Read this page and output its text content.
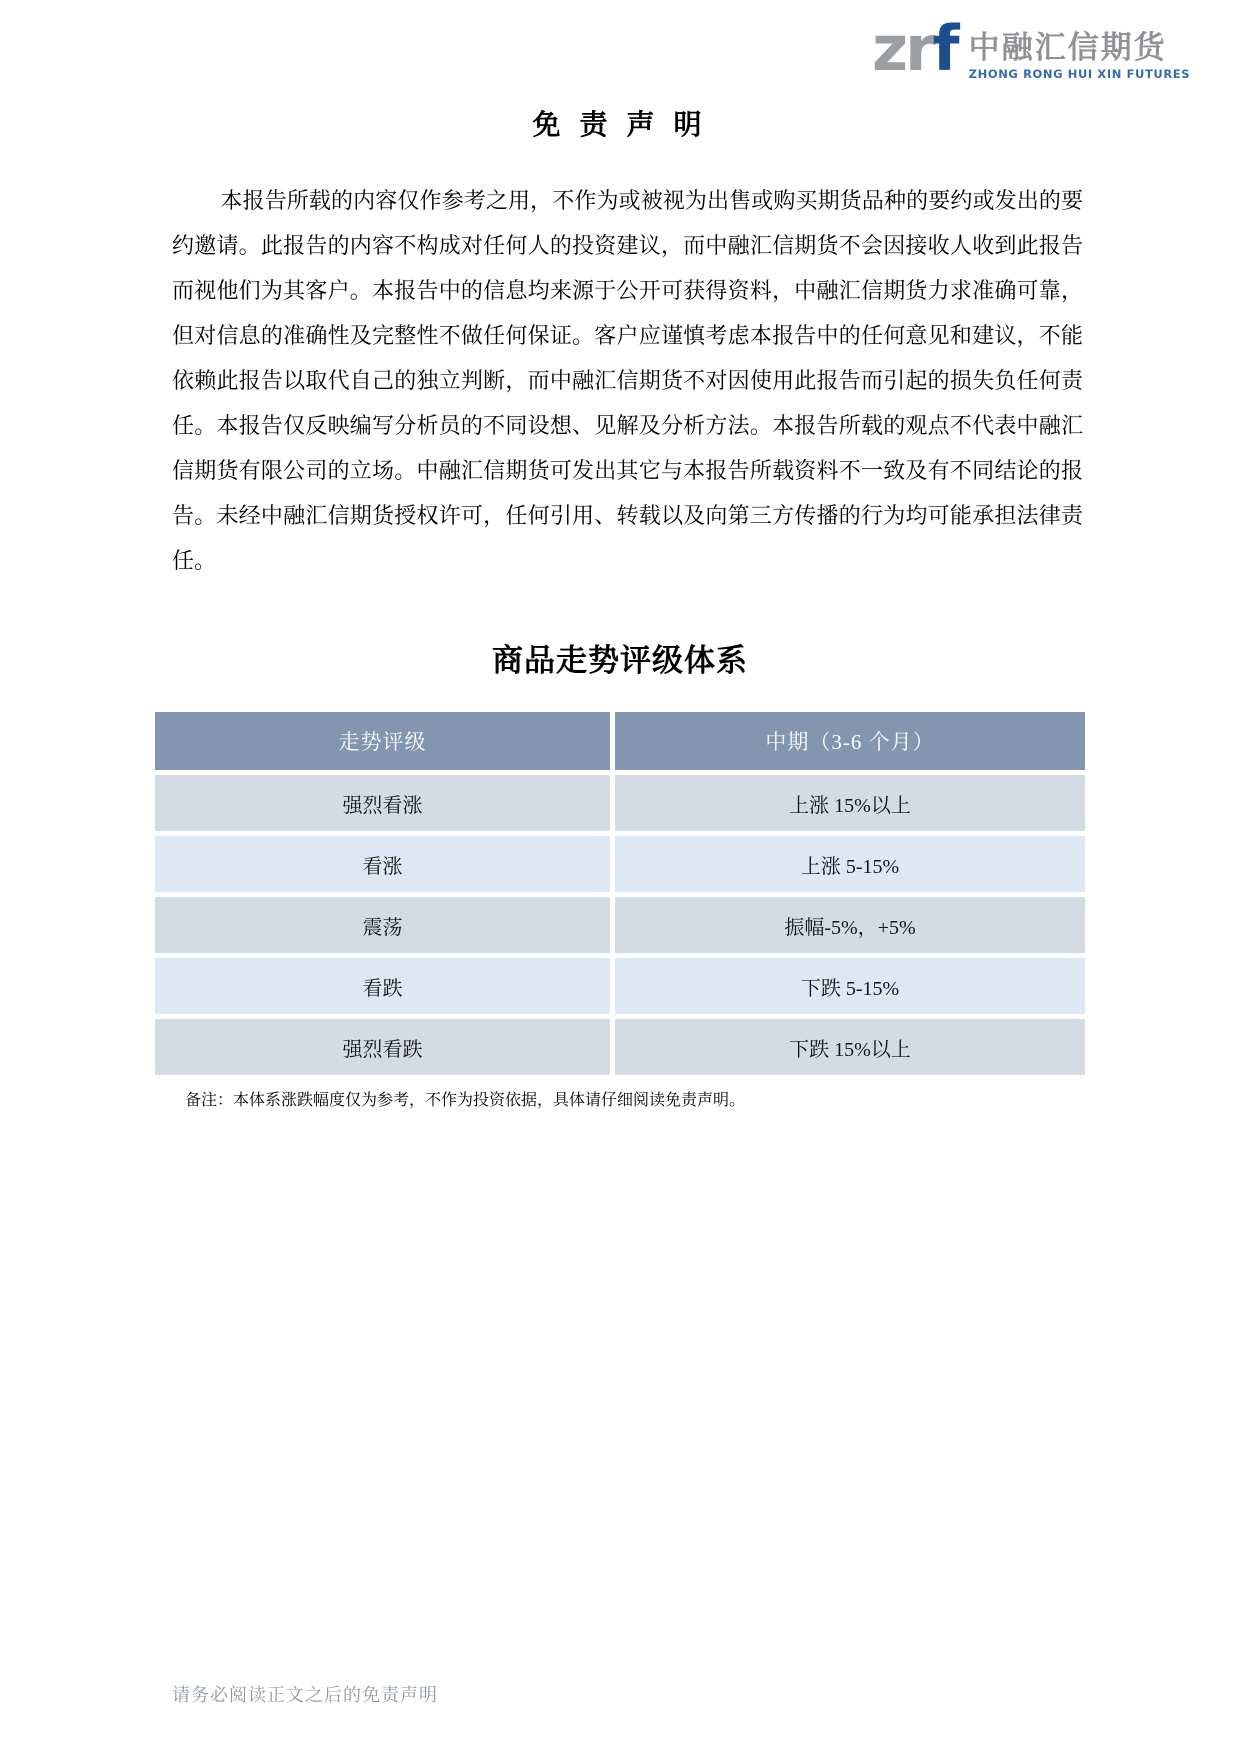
zrf 中融汇信期货
ZHONG RONG HUI XIN FUTURES
免 责 声 明

本报告所载的内容仅作参考之用，不作为或被视为出售或购买期货品种的要约或发出的要约邀请。此报告的内容不构成对任何人的投资建议，而中融汇信期货不会因接收人收到此报告而视他们为其客户。本报告中的信息均来源于公开可获得资料，中融汇信期货力求准确可靠，但对信息的准确性及完整性不做任何保证。客户应谨慎考虑本报告中的任何意见和建议，不能依赖此报告以取代自己的独立判断，而中融汇信期货不对因使用此报告而引起的损失负任何责任。本报告仅反映编写分析员的不同设想、见解及分析方法。本报告所载的观点不代表中融汇信期货有限公司的立场。中融汇信期货可发出其它与本报告所载资料不一致及有不同结论的报告。未经中融汇信期货授权许可，任何引用、转载以及向第三方传播的行为均可能承担法律责任。

商品走势评级体系
走势评级	中期（3-6 个月）
强烈看涨	上涨 15%以上
看涨	上涨 5-15%
震荡	振幅-5%，+5%
看跌	下跌 5-15%
强烈看跌	下跌 15%以上

备注：本体系涨跌幅度仅为参考，不作为投资依据，具体请仔细阅读免责声明。

请务必阅读正文之后的免责声明
